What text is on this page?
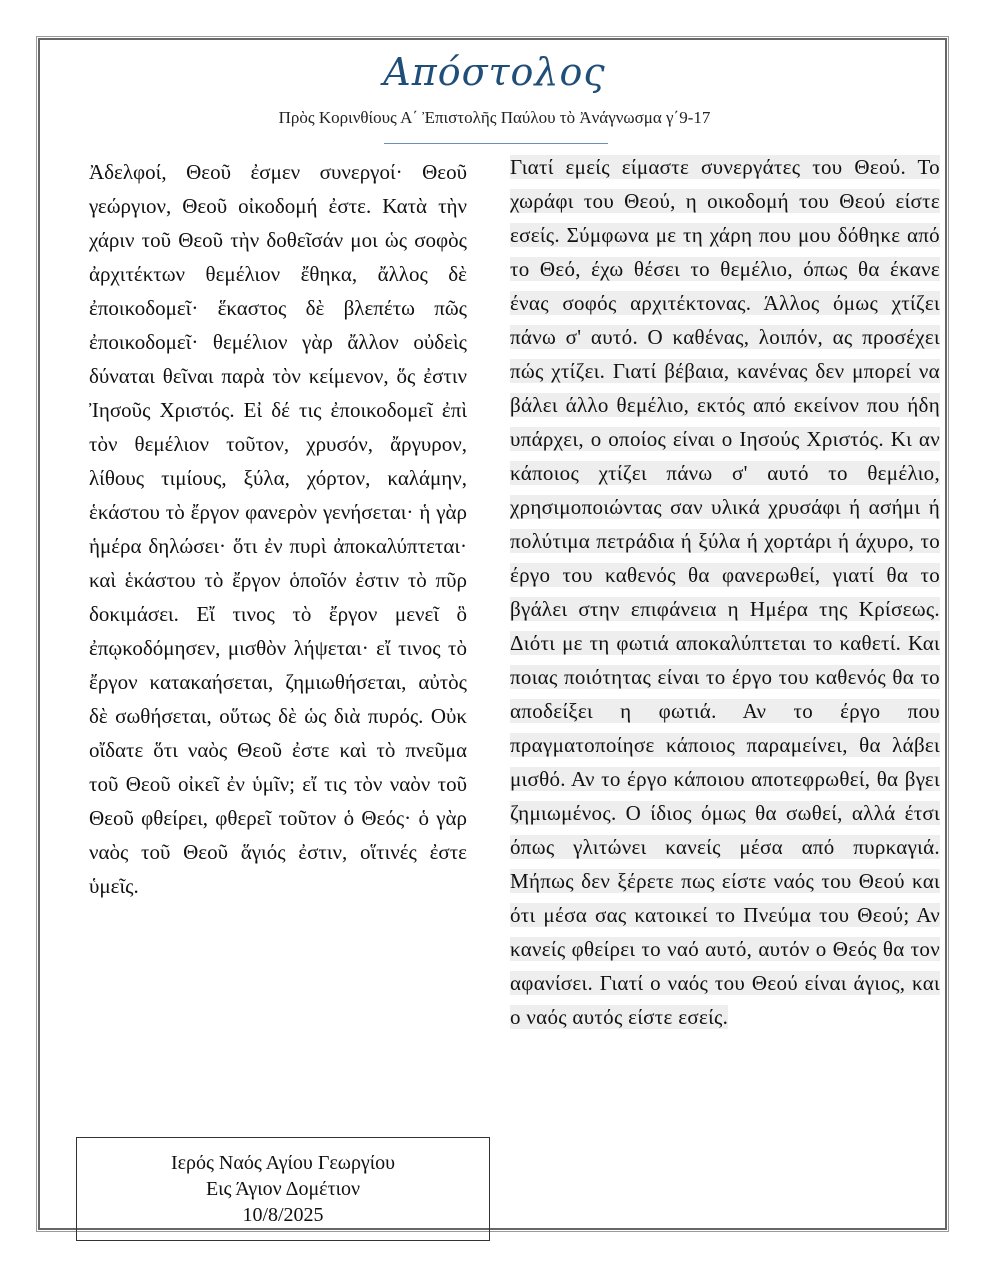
Απόστολος
Πρὸς Κορινθίους Α΄ Ἐπιστολῆς Παύλου τὸ Ἀνάγνωσμα γ΄9-17
Ἀδελφοί, Θεοῦ ἐσμεν συνεργοί· Θεοῦ γεώργιον, Θεοῦ οἰκοδομή ἐστε. Κατὰ τὴν χάριν τοῦ Θεοῦ τὴν δοθεῖσάν μοι ὡς σοφὸς ἀρχιτέκτων θεμέλιον ἔθηκα, ἄλλος δὲ ἐποικοδομεῖ· ἕκαστος δὲ βλεπέτω πῶς ἐποικοδομεῖ· θεμέλιον γὰρ ἄλλον οὐδεὶς δύναται θεῖναι παρὰ τὸν κείμενον, ὅς ἐστιν Ἰησοῦς Χριστός. Εἰ δέ τις ἐποικοδομεῖ ἐπὶ τὸν θεμέλιον τοῦτον, χρυσόν, ἄργυρον, λίθους τιμίους, ξύλα, χόρτον, καλάμην, ἑκάστου τὸ ἔργον φανερὸν γενήσεται· ἡ γὰρ ἡμέρα δηλώσει· ὅτι ἐν πυρὶ ἀποκαλύπτεται· καὶ ἑκάστου τὸ ἔργον ὁποῖόν ἐστιν τὸ πῦρ δοκιμάσει. Εἴ τινος τὸ ἔργον μενεῖ ὃ ἐπῳκοδόμησεν, μισθὸν λήψεται· εἴ τινος τὸ ἔργον κατακαήσεται, ζημιωθήσεται, αὐτὸς δὲ σωθήσεται, οὕτως δὲ ὡς διὰ πυρός. Οὐκ οἴδατε ὅτι ναὸς Θεοῦ ἐστε καὶ τὸ πνεῦμα τοῦ Θεοῦ οἰκεῖ ἐν ὑμῖν; εἴ τις τὸν ναὸν τοῦ Θεοῦ φθείρει, φθερεῖ τοῦτον ὁ Θεός· ὁ γὰρ ναὸς τοῦ Θεοῦ ἅγιός ἐστιν, οἵτινές ἐστε ὑμεῖς.
Γιατί εμείς είμαστε συνεργάτες του Θεού. Το χωράφι του Θεού, η οικοδομή του Θεού είστε εσείς. Σύμφωνα με τη χάρη που μου δόθηκε από το Θεό, έχω θέσει το θεμέλιο, όπως θα έκανε ένας σοφός αρχιτέκτονας. Άλλος όμως χτίζει πάνω σ' αυτό. Ο καθένας, λοιπόν, ας προσέχει πώς χτίζει. Γιατί βέβαια, κανένας δεν μπορεί να βάλει άλλο θεμέλιο, εκτός από εκείνον που ήδη υπάρχει, ο οποίος είναι ο Ιησούς Χριστός. Κι αν κάποιος χτίζει πάνω σ' αυτό το θεμέλιο, χρησιμοποιώντας σαν υλικά χρυσάφι ή ασήμι ή πολύτιμα πετράδια ή ξύλα ή χορτάρι ή άχυρο, το έργο του καθενός θα φανερωθεί, γιατί θα το βγάλει στην επιφάνεια η Ημέρα της Κρίσεως. Διότι με τη φωτιά αποκαλύπτεται το καθετί. Και ποιας ποιότητας είναι το έργο του καθενός θα το αποδείξει η φωτιά. Αν το έργο που πραγματοποίησε κάποιος παραμείνει, θα λάβει μισθό. Αν το έργο κάποιου αποτεφρωθεί, θα βγει ζημιωμένος. Ο ίδιος όμως θα σωθεί, αλλά έτσι όπως γλιτώνει κανείς μέσα από πυρκαγιά. Μήπως δεν ξέρετε πως είστε ναός του Θεού και ότι μέσα σας κατοικεί το Πνεύμα του Θεού; Αν κανείς φθείρει το ναό αυτό, αυτόν ο Θεός θα τον αφανίσει. Γιατί ο ναός του Θεού είναι άγιος, και ο ναός αυτός είστε εσείς.
Ιερός Ναός Αγίου Γεωργίου
Εις Άγιον Δομέτιον
10/8/2025
